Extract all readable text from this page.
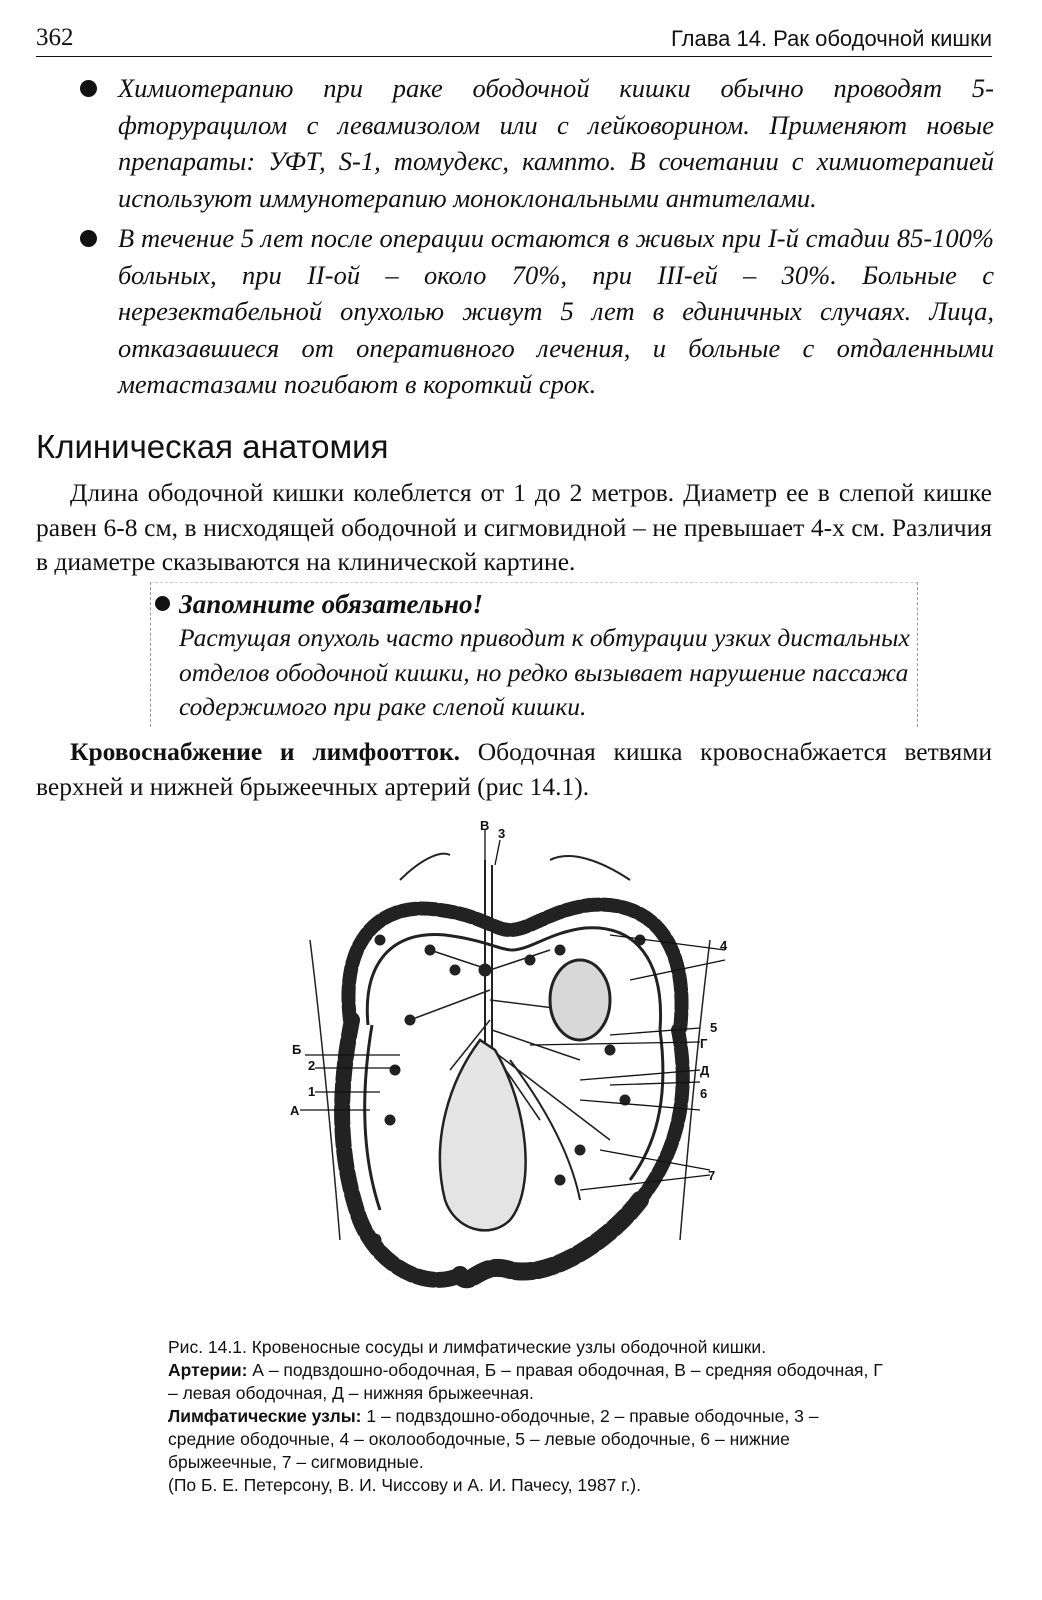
362	Глава 14. Рак ободочной кишки
Химиотерапию при раке ободочной кишки обычно проводят 5-фторурацилом с левамизолом или с лейковорином. Применяют новые препараты: УФТ, S-1, томудекс, кампто. В сочетании с химиотерапией используют иммунотерапию моноклональными антителами.
В течение 5 лет после операции остаются в живых при I-й стадии 85-100% больных, при II-ой – около 70%, при III-ей – 30%. Больные с нерезектабельной опухолью живут 5 лет в единичных случаях. Лица, отказавшиеся от оперативного лечения, и больные с отдаленными метастазами погибают в короткий срок.
Клиническая анатомия

Длина ободочной кишки колеблется от 1 до 2 метров. Диаметр ее в слепой кишке равен 6-8 см, в нисходящей ободочной и сигмовидной – не превышает 4-х см. Различия в диаметре сказываются на клинической картине.

Запомните обязательно!
Растущая опухоль часто приводит к обтурации узких дистальных отделов ободочной кишки, но редко вызывает нарушение пассажа содержимого при раке слепой кишки.

Кровоснабжение и лимфоотток. Ободочная кишка кровоснабжается ветвями верхней и нижней брыжеечных артерий (рис 14.1).

В
3
4
5
Г
Д
6
Б
2
1
А
7

Рис. 14.1. Кровеносные сосуды и лимфатические узлы ободочной кишки.

Артерии: А – подвздошно-ободочная, Б – правая ободочная, В – средняя ободочная, Г – левая ободочная, Д – нижняя брыжеечная.

Лимфатические узлы: 1 – подвздошно-ободочные, 2 – правые ободочные, 3 – средние ободочные, 4 – околоободочные, 5 – левые ободочные, 6 – нижние брыжеечные, 7 – сигмовидные.

(По Б. Е. Петерсону, В. И. Чиссову и А. И. Пачесу, 1987 г.).
